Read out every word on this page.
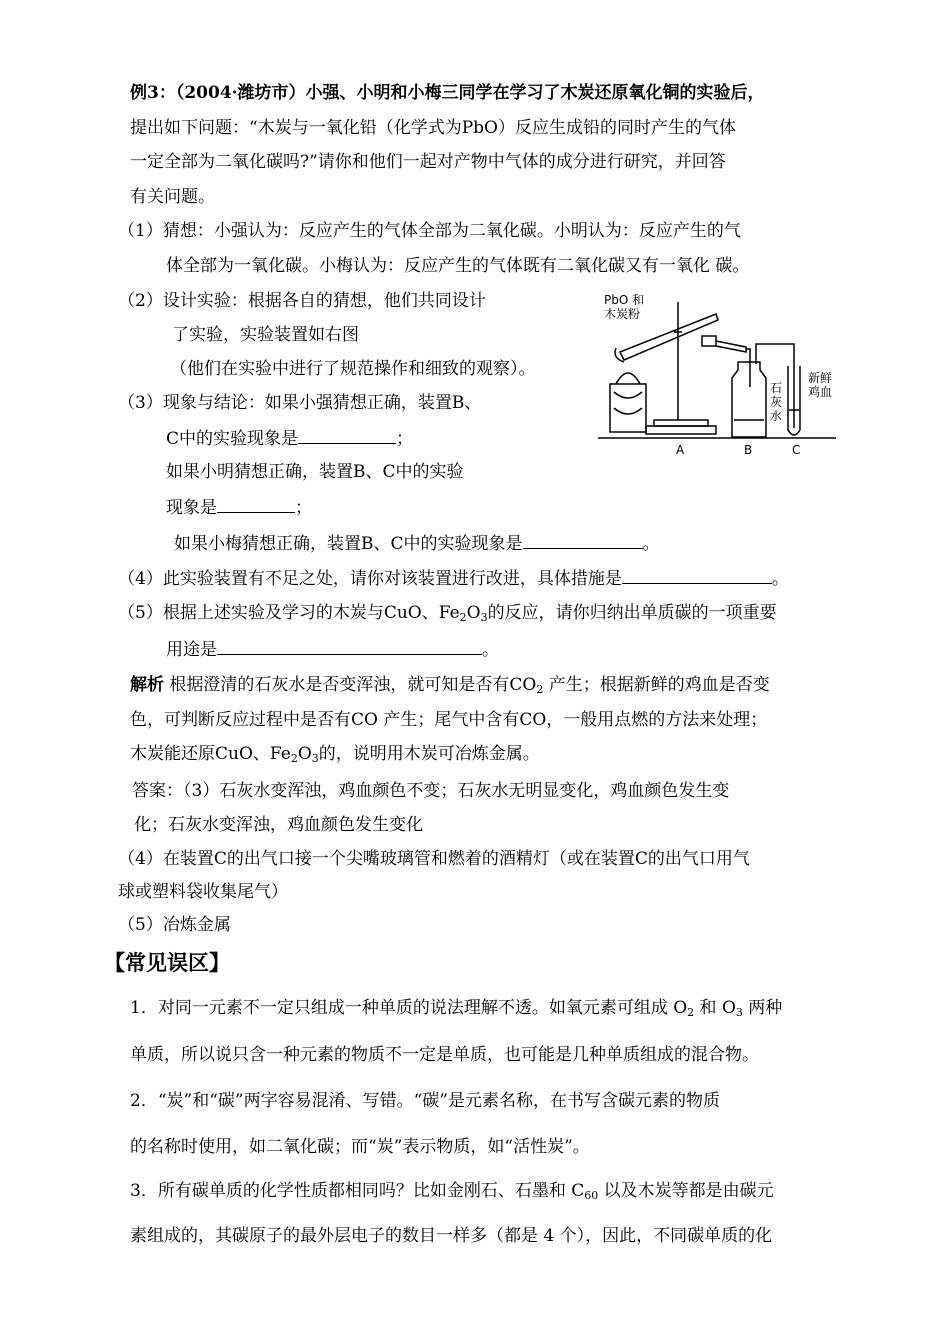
例3：（2004·潍坊市）小强、小明和小梅三同学在学习了木炭还原氧化铜的实验后，
提出如下问题：“木炭与一氧化铅（化学式为PbO）反应生成铅的同时产生的气体
一定全部为二氧化碳吗?”请你和他们一起对产物中气体的成分进行研究，并回答
有关问题。
（1）猜想：小强认为：反应产生的气体全部为二氧化碳。小明认为：反应产生的气
体全部为一氧化碳。小梅认为：反应产生的气体既有二氧化碳又有一氧化 碳。
（2）设计实验：根据各自的猜想，他们共同设计
了实验，实验装置如右图
（他们在实验中进行了规范操作和细致的观察）。
（3）现象与结论：如果小强猜想正确，装置B、
C中的实验现象是	；
如果小明猜想正确，装置B、C中的实验
现象是	；
如果小梅猜想正确，装置B、C中的实验现象是	。
（4）此实验装置有不足之处，请你对该装置进行改进，具体措施是	。
（5）根据上述实验及学习的木炭与CuO、$Fe_2O_3$的反应，请你归纳出单质碳的一项重要
用途是	。
解析 根据澄清的石灰水是否变浑浊，就可知是否有$CO_2$ 产生；根据新鲜的鸡血是否变
色，可判断反应过程中是否有CO 产生；尾气中含有CO，一般用点燃的方法来处理；
木炭能还原CuO、$Fe_2O_3$的，说明用木炭可冶炼金属。
答案：（3）石灰水变浑浊，鸡血颜色不变；石灰水无明显变化，鸡血颜色发生变
化；石灰水变浑浊，鸡血颜色发生变化
（4）在装置C的出气口接一个尖嘴玻璃管和燃着的酒精灯（或在装置C的出气口用气
球或塑料袋收集尾气）
（5）冶炼金属
【常见误区】
1．对同一元素不一定只组成一种单质的说法理解不透。如氧元素可组成 $O_2$ 和 $O_3$ 两种
单质，所以说只含一种元素的物质不一定是单质，也可能是几种单质组成的混合物。
2．“炭”和“碳”两字容易混淆、写错。“碳”是元素名称，在书写含碳元素的物质
的名称时使用，如二氧化碳；而“炭”表示物质，如“活性炭”。
3．所有碳单质的化学性质都相同吗？比如金刚石、石墨和 $C_{60}$ 以及木炭等都是由碳元
素组成的，其碳原子的最外层电子的数目一样多（都是 4 个），因此，不同碳单质的化
PbO 和
木炭粉
石
灰
水
新鲜
鸡血
A	B	C
